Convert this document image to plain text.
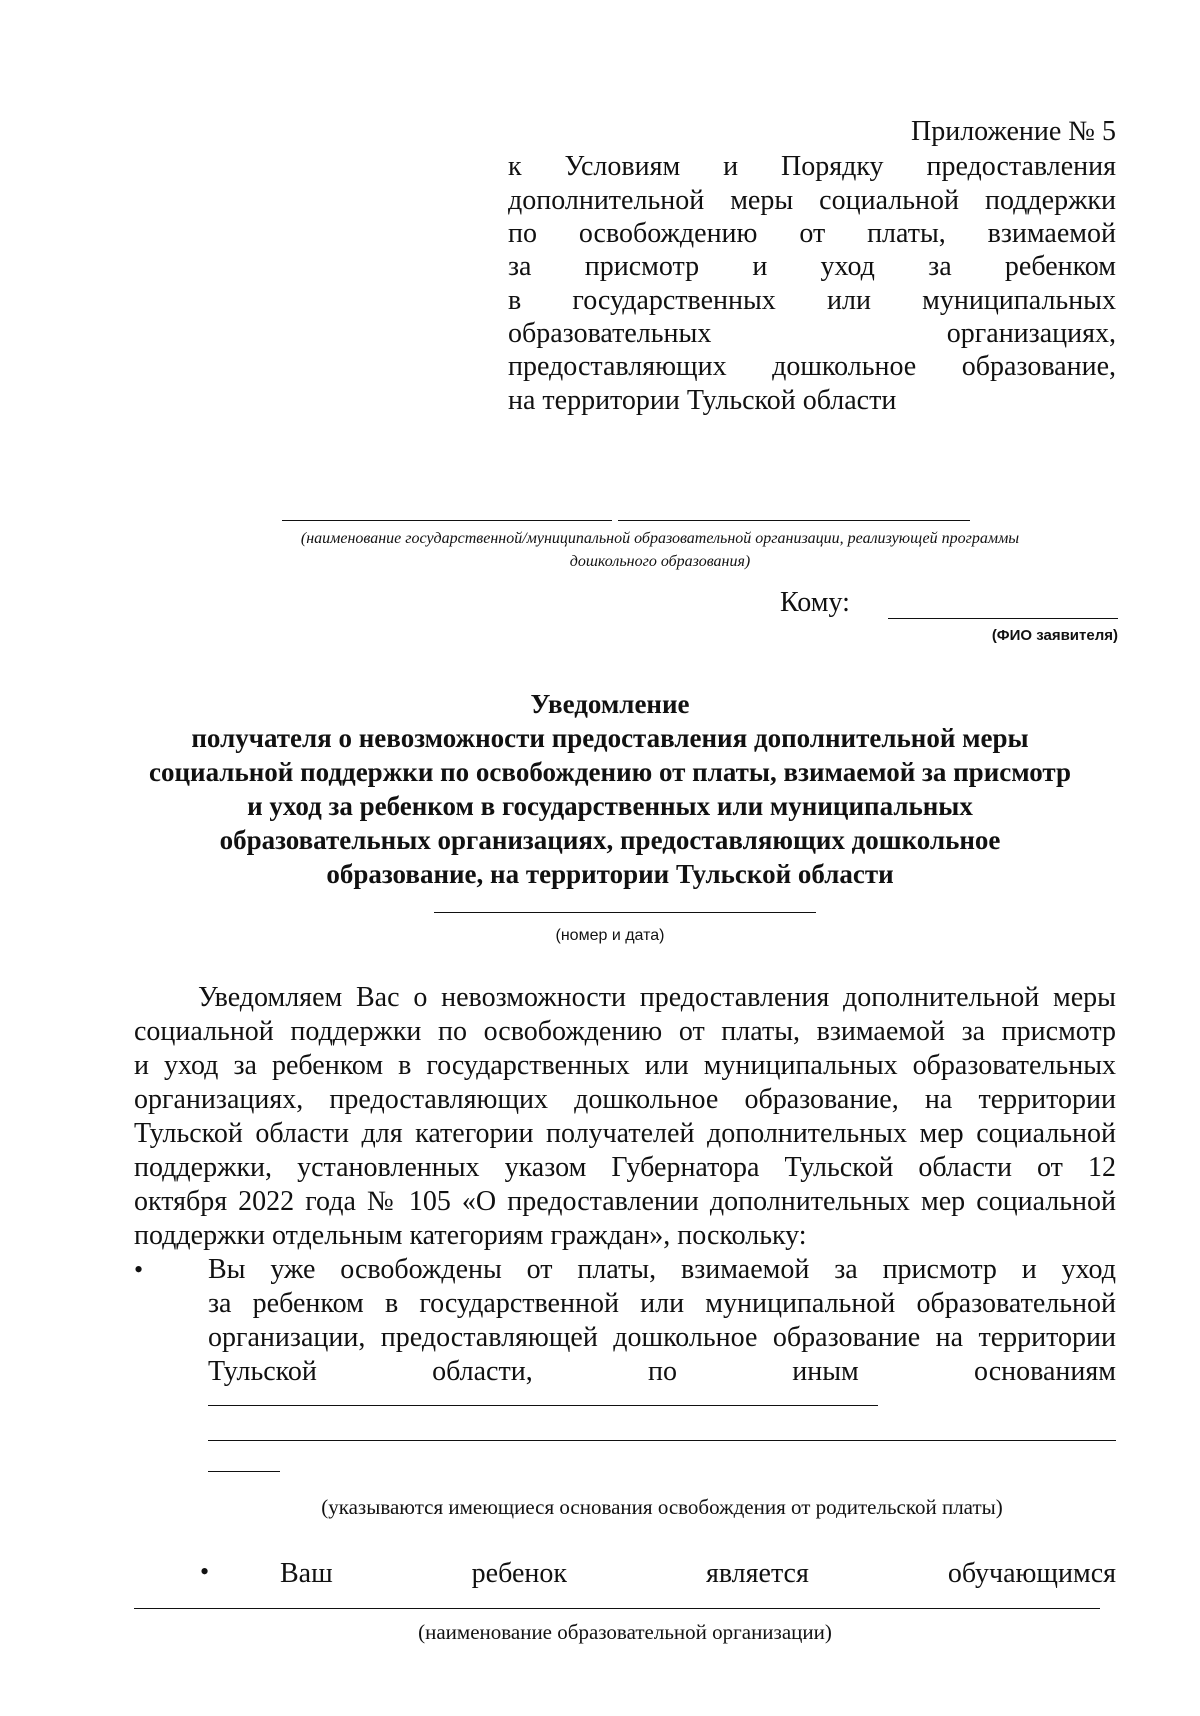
Приложение № 5
к Условиям и Порядку предоставления
дополнительной меры социальной поддержки
по освобождению от платы, взимаемой
за присмотр и уход за ребенком
в государственных или муниципальных
образовательных организациях,
предоставляющих дошкольное образование,
на территории Тульской области
(наименование государственной/муниципальной образовательной организации, реализующей программы
дошкольного образования)
Кому:
(ФИО заявителя)
Уведомление
получателя о невозможности предоставления дополнительной меры
социальной поддержки по освобождению от платы, взимаемой за присмотр
и уход за ребенком в государственных или муниципальных
образовательных организациях, предоставляющих дошкольное
образование, на территории Тульской области
(номер и дата)
Уведомляем Вас о невозможности предоставления дополнительной меры
социальной поддержки по освобождению от платы, взимаемой за присмотр
и уход за ребенком в государственных или муниципальных образовательных
организациях, предоставляющих дошкольное образование, на территории
Тульской области для категории получателей дополнительных мер социальной
поддержки, установленных указом Губернатора Тульской области от 12
октября 2022 года № 105 «О предоставлении дополнительных мер социальной
поддержки отдельным категориям граждан», поскольку:
• Вы уже освобождены от платы, взимаемой за присмотр и уход
за ребенком в государственной или муниципальной образовательной
организации, предоставляющей дошкольное образование на территории
Тульской области, по иным основаниям
(указываются имеющиеся основания освобождения от родительской платы)
•	Ваш ребенок является обучающимся
(наименование образовательной организации)
